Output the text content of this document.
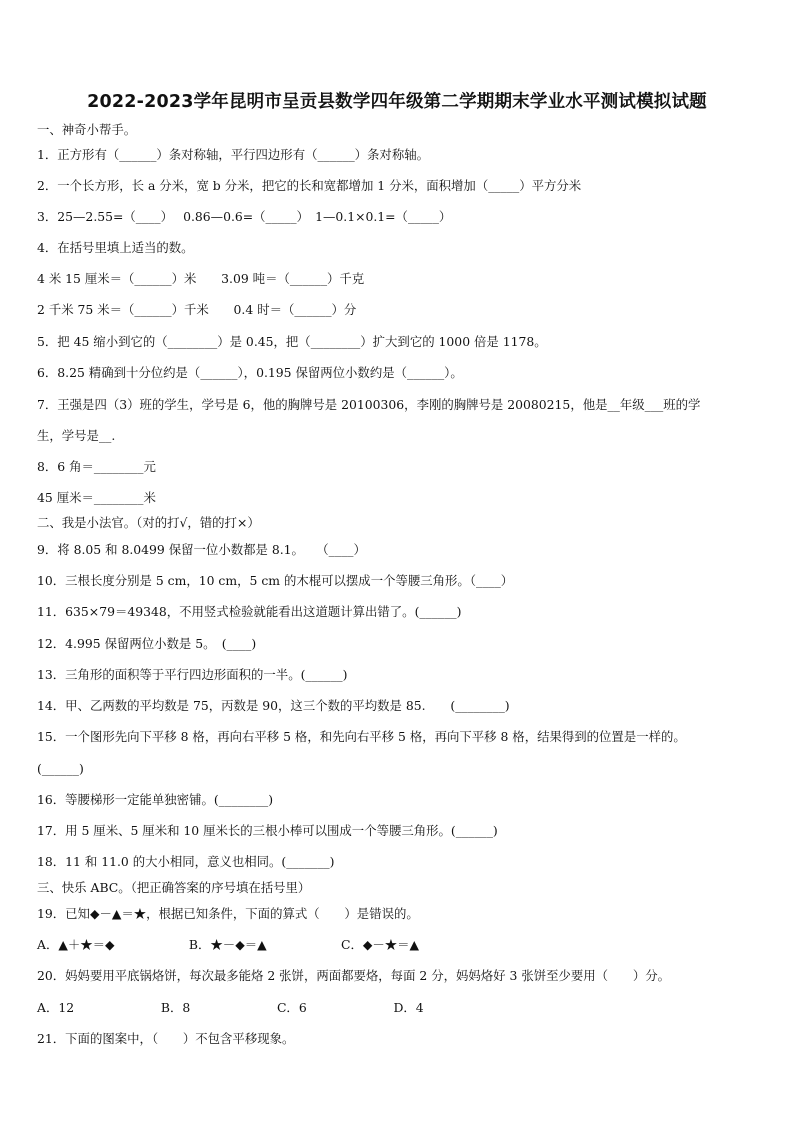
2022-2023学年昆明市呈贡县数学四年级第二学期期末学业水平测试模拟试题
一、神奇小帮手。
1．正方形有（______）条对称轴，平行四边形有（______）条对称轴。
2．一个长方形，长 a 分米，宽 b 分米，把它的长和宽都增加 1 分米，面积增加（_____）平方分米
3．25—2.55=（____）　 0.86—0.6=（_____）　1—0.1×0.1=（_____）
4．在括号里填上适当的数。
4 米 15 厘米＝（______）米　　3.09 吨＝（______）千克
2 千米 75 米＝（______）千米　　0.4 时＝（______）分
5．把 45 缩小到它的（________）是 0.45，把（________）扩大到它的 1000 倍是 1178。
6．8.25 精确到十分位约是（______），0.195 保留两位小数约是（______）。
7．王强是四（3）班的学生，学号是 6，他的胸牌号是 20100306，李刚的胸牌号是 20080215，他是__年级___班的学
生，学号是__.
8．6 角＝________元
45 厘米＝________米
二、我是小法官。（对的打√，错的打×）
9．将 8.05 和 8.0499 保留一位小数都是 8.1。　　（____）
10．三根长度分别是 5 cm，10 cm，5 cm 的木棍可以摆成一个等腰三角形。（____）
11．635×79＝49348，不用竖式检验就能看出这道题计算出错了。(______)
12．4.995 保留两位小数是 5。　(____)
13．三角形的面积等于平行四边形面积的一半。(______)
14．甲、乙两数的平均数是 75，丙数是 90，这三个数的平均数是 85.　　(________)
15．一个图形先向下平移 8 格，再向右平移 5 格，和先向右平移 5 格，再向下平移 8 格，结果得到的位置是一样的。
(______)
16．等腰梯形一定能单独密铺。(________)
17．用 5 厘米、5 厘米和 10 厘米长的三根小棒可以围成一个等腰三角形。(______)
18．11 和 11.0 的大小相同，意义也相同。(_______)
三、快乐 ABC。（把正确答案的序号填在括号里）
19．已知◆－▲＝★，根据已知条件，下面的算式（　　）是错误的。
A．▲＋★＝◆　　　　　　B．★－◆＝▲　　　　　　C．◆－★＝▲
20．妈妈要用平底锅烙饼，每次最多能烙 2 张饼，两面都要烙，每面 2 分，妈妈烙好 3 张饼至少要用（　　）分。
A．12　　　　　　　B．8　　　　　　　C．6　　　　　　　D．4
21．下面的图案中，（　　）不包含平移现象。
